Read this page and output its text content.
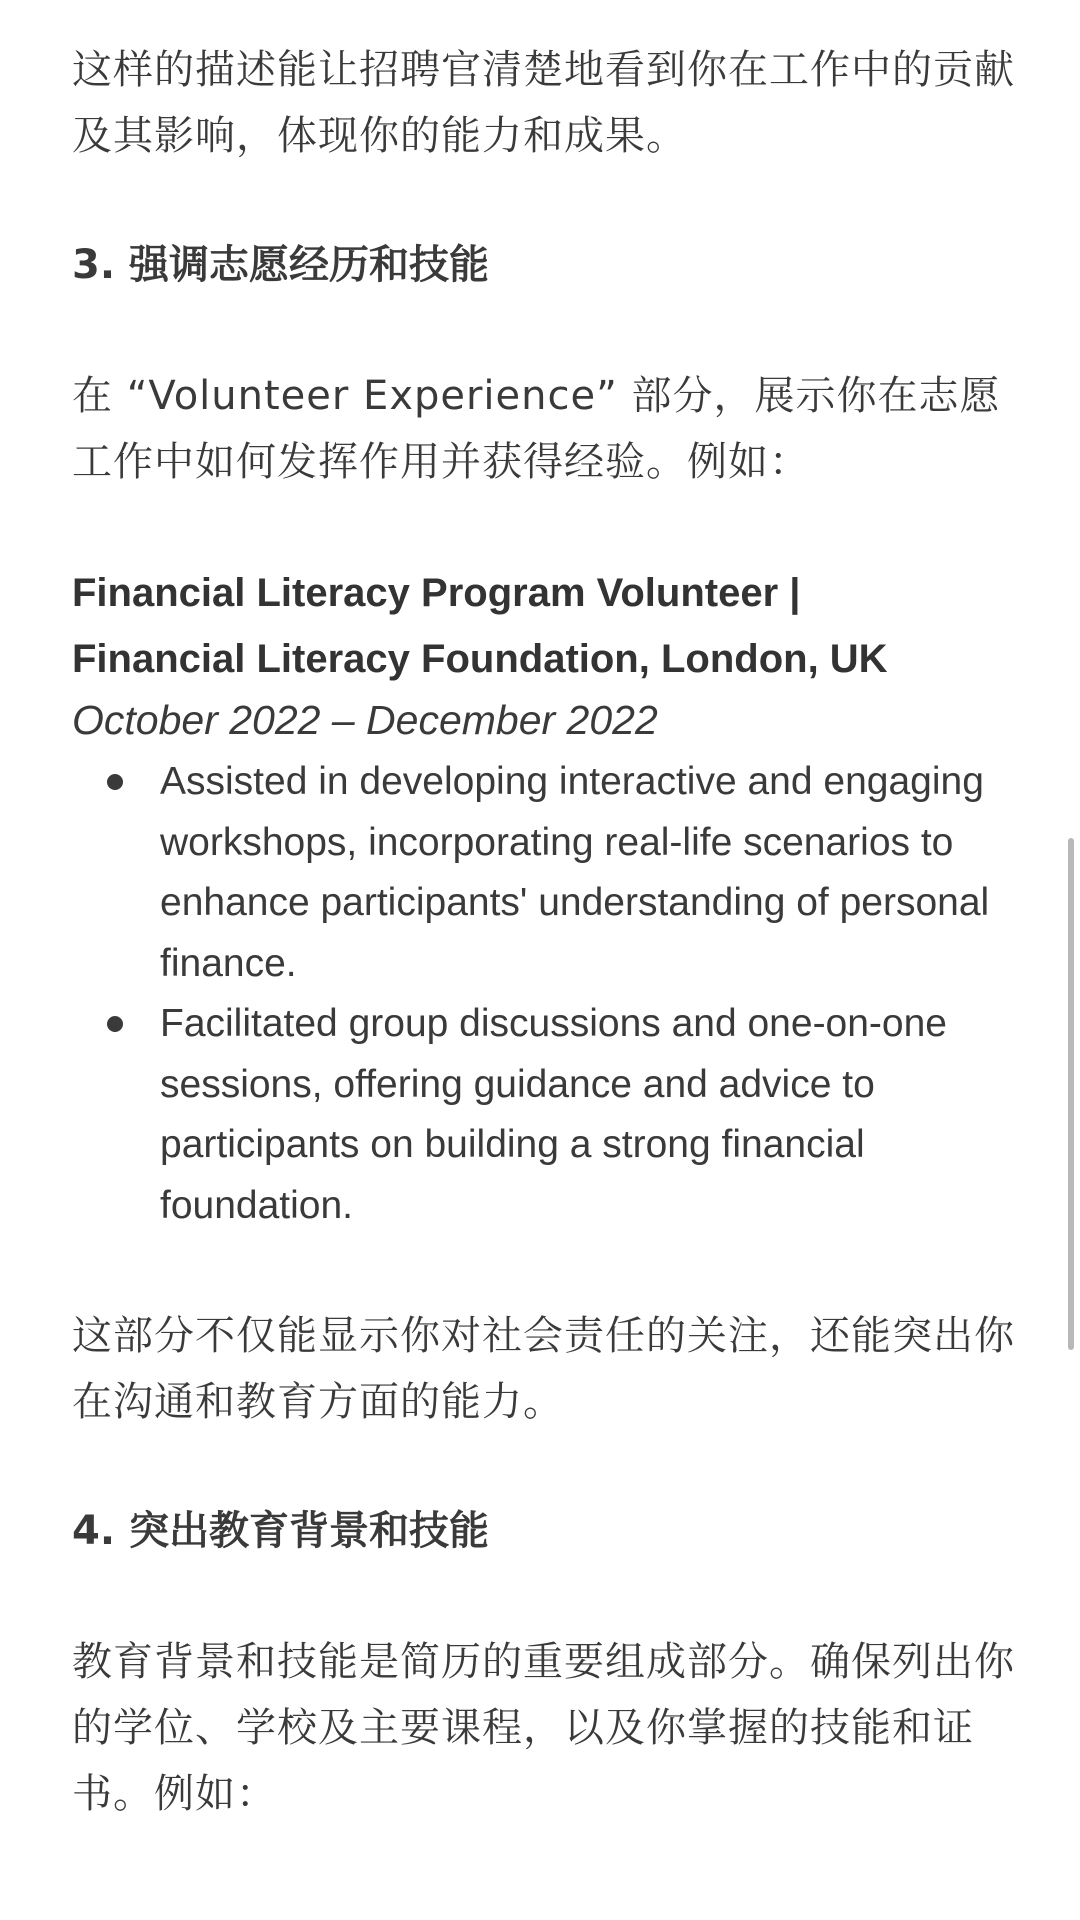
这样的描述能让招聘官清楚地看到你在工作中的贡献及其影响，体现你的能力和成果。

3. 强调志愿经历和技能

在 “Volunteer Experience” 部分，展示你在志愿工作中如何发挥作用并获得经验。例如：

Financial Literacy Program Volunteer |

Financial Literacy Foundation, London, UK

October 2022 – December 2022

Assisted in developing interactive and engaging workshops, incorporating real-life scenarios to enhance participants' understanding of personal finance.
Facilitated group discussions and one-on-one sessions, offering guidance and advice to participants on building a strong financial foundation.

这部分不仅能显示你对社会责任的关注，还能突出你在沟通和教育方面的能力。

4. 突出教育背景和技能

教育背景和技能是简历的重要组成部分。确保列出你的学位、学校及主要课程，以及你掌握的技能和证书。例如：
